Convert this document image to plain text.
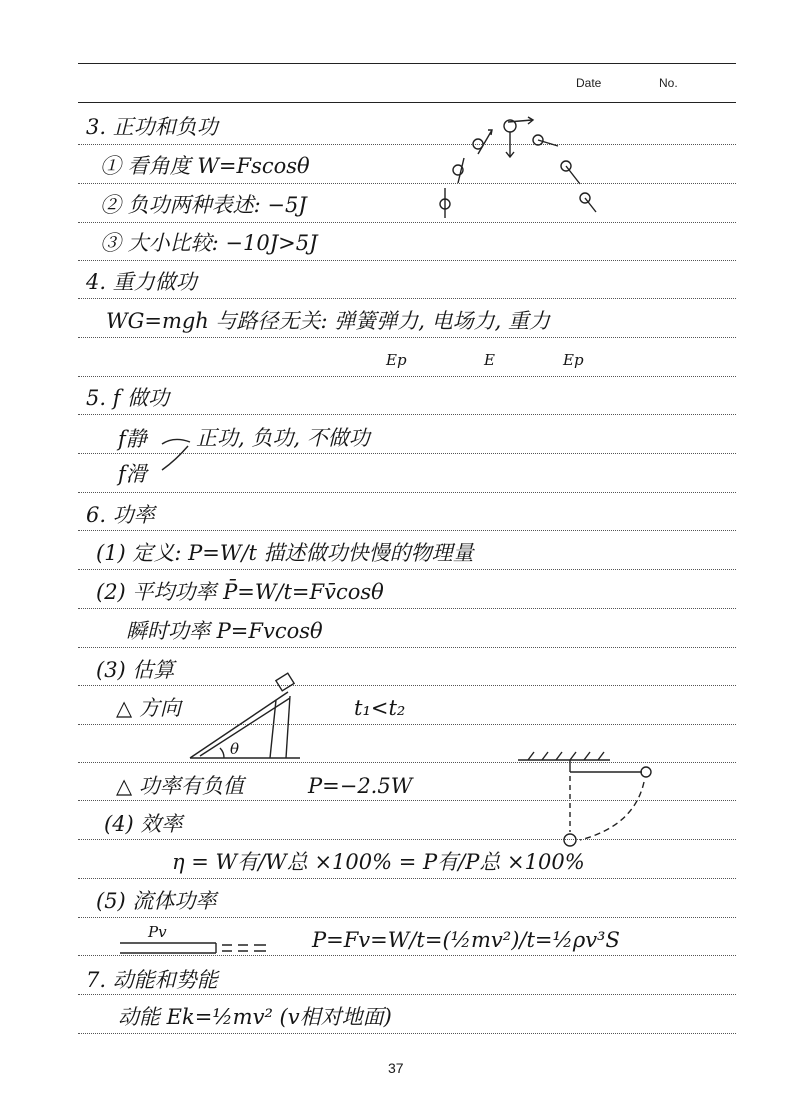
Date	No.
3. 正功和负功
① 看角度 W=Fscosθ
② 负功两种表述: −5J
③ 大小比较: −10J>5J
4. 重力做功
WG=mgh 与路径无关: 弹簧弹力, 电场力, 重力
Ep	E	Ep
5. f 做功
f静
f滑
正功, 负功, 不做功
6. 功率
(1) 定义: P=W/t 描述做功快慢的物理量
(2) 平均功率 P̄=W/t=Fv̄cosθ
瞬时功率 P=Fvcosθ
(3) 估算
△ 方向
θ
t₁<t₂
△ 功率有负值	P=−2.5W
(4) 效率
η = W有/W总 ×100% = P有/P总 ×100%
(5) 流体功率
Pv	P=Fv=W/t=(½mv²)/t=½ρv³S
7. 动能和势能
动能 Ek=½mv² (v相对地面)
37
